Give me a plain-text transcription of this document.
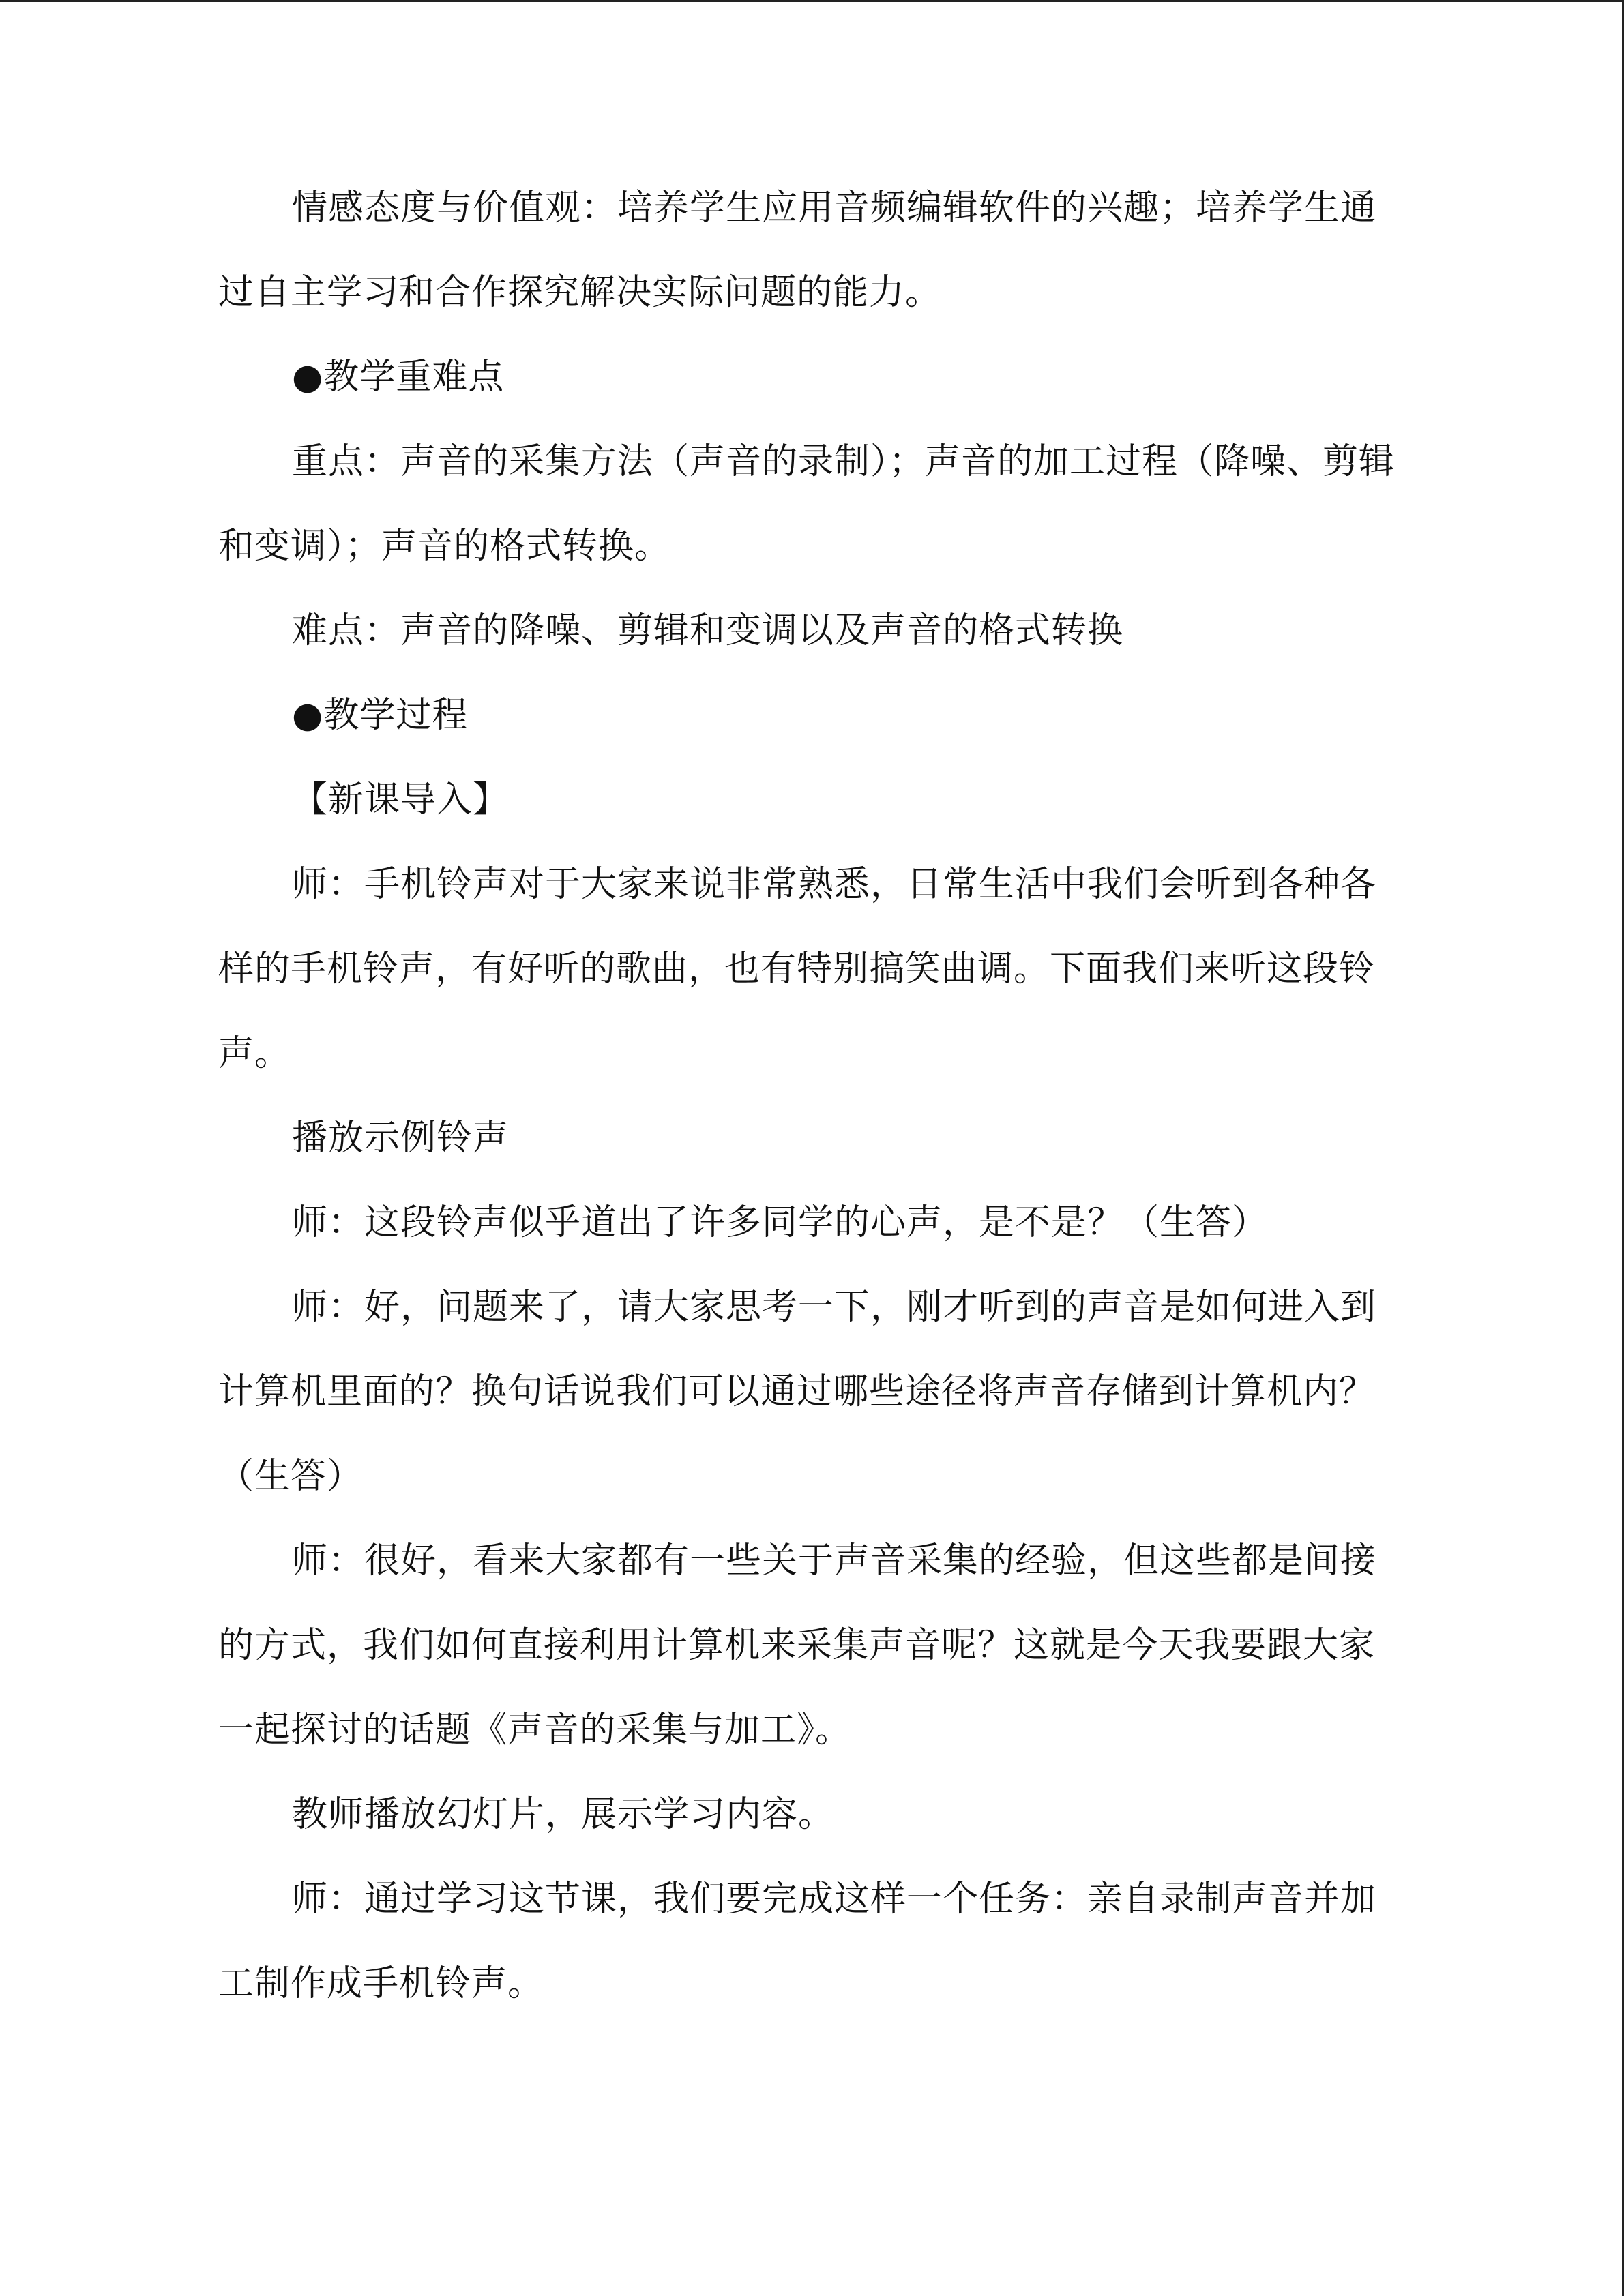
情感态度与价值观：培养学生应用音频编辑软件的兴趣；培养学生通过自主学习和合作探究解决实际问题的能力。

●教学重难点

重点：声音的采集方法（声音的录制）；声音的加工过程（降噪、剪辑和变调）；声音的格式转换。

难点：声音的降噪、剪辑和变调以及声音的格式转换

●教学过程

【新课导入】

师：手机铃声对于大家来说非常熟悉，日常生活中我们会听到各种各样的手机铃声，有好听的歌曲，也有特别搞笑曲调。下面我们来听这段铃声。

播放示例铃声

师：这段铃声似乎道出了许多同学的心声，是不是？（生答）

师：好，问题来了，请大家思考一下，刚才听到的声音是如何进入到计算机里面的？换句话说我们可以通过哪些途径将声音存储到计算机内？（生答）

师：很好，看来大家都有一些关于声音采集的经验，但这些都是间接的方式，我们如何直接利用计算机来采集声音呢？这就是今天我要跟大家一起探讨的话题《声音的采集与加工》。

教师播放幻灯片，展示学习内容。

师：通过学习这节课，我们要完成这样一个任务：亲自录制声音并加工制作成手机铃声。
